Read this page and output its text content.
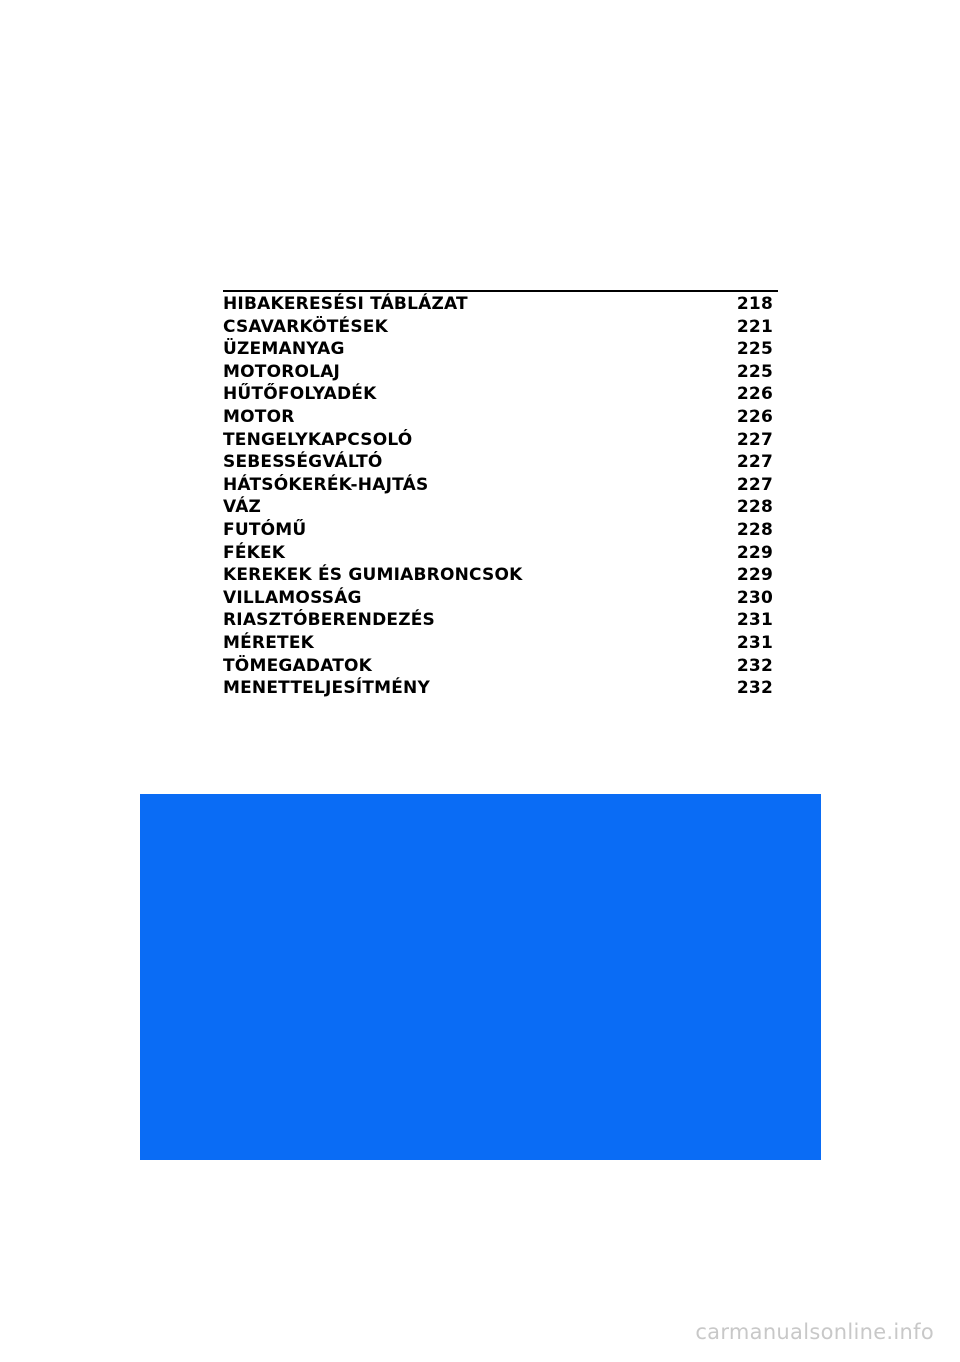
HIBAKERESÉSI TÁBLÁZAT	218
CSAVARKÖTÉSEK	221
ÜZEMANYAG	225
MOTOROLAJ	225
HŰTŐFOLYADÉK	226
MOTOR	226
TENGELYKAPCSOLÓ	227
SEBESSÉGVÁLTÓ	227
HÁTSÓKERÉK-HAJTÁS	227
VÁZ	228
FUTÓMŰ	228
FÉKEK	229
KEREKEK ÉS GUMIABRONCSOK	229
VILLAMOSSÁG	230
RIASZTÓBERENDEZÉS	231
MÉRETEK	231
TÖMEGADATOK	232
MENETTELJESÍTMÉNY	232
carmanualsonline.info
